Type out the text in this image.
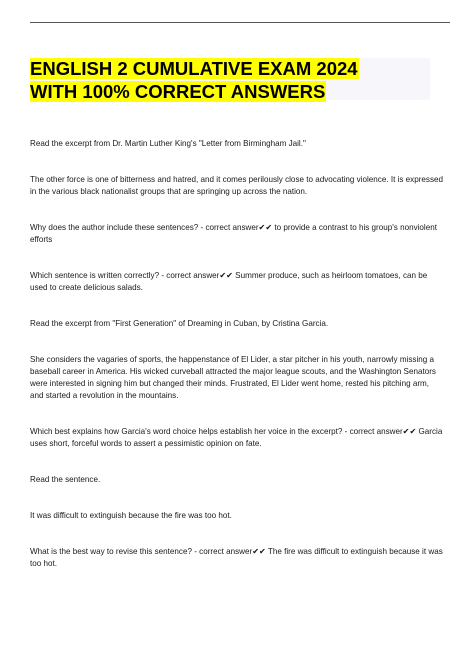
ENGLISH 2 CUMULATIVE EXAM 2024
WITH 100% CORRECT ANSWERS

Read the excerpt from Dr. Martin Luther King's "Letter from Birmingham Jail."

The other force is one of bitterness and hatred, and it comes perilously close to advocating violence. It is expressed in the various black nationalist groups that are springing up across the nation.

Why does the author include these sentences? - correct answer✔✔ to provide a contrast to his group's nonviolent efforts

Which sentence is written correctly? - correct answer✔✔ Summer produce, such as heirloom tomatoes, can be used to create delicious salads.

Read the excerpt from "First Generation" of Dreaming in Cuban, by Cristina Garcia.

She considers the vagaries of sports, the happenstance of El Lider, a star pitcher in his youth, narrowly missing a baseball career in America. His wicked curveball attracted the major league scouts, and the Washington Senators were interested in signing him but changed their minds. Frustrated, El Lider went home, rested his pitching arm, and started a revolution in the mountains.

Which best explains how Garcia's word choice helps establish her voice in the excerpt? - correct answer✔✔ Garcia uses short, forceful words to assert a pessimistic opinion on fate.

Read the sentence.

It was difficult to extinguish because the fire was too hot.

What is the best way to revise this sentence? - correct answer✔✔ The fire was difficult to extinguish because it was too hot.
